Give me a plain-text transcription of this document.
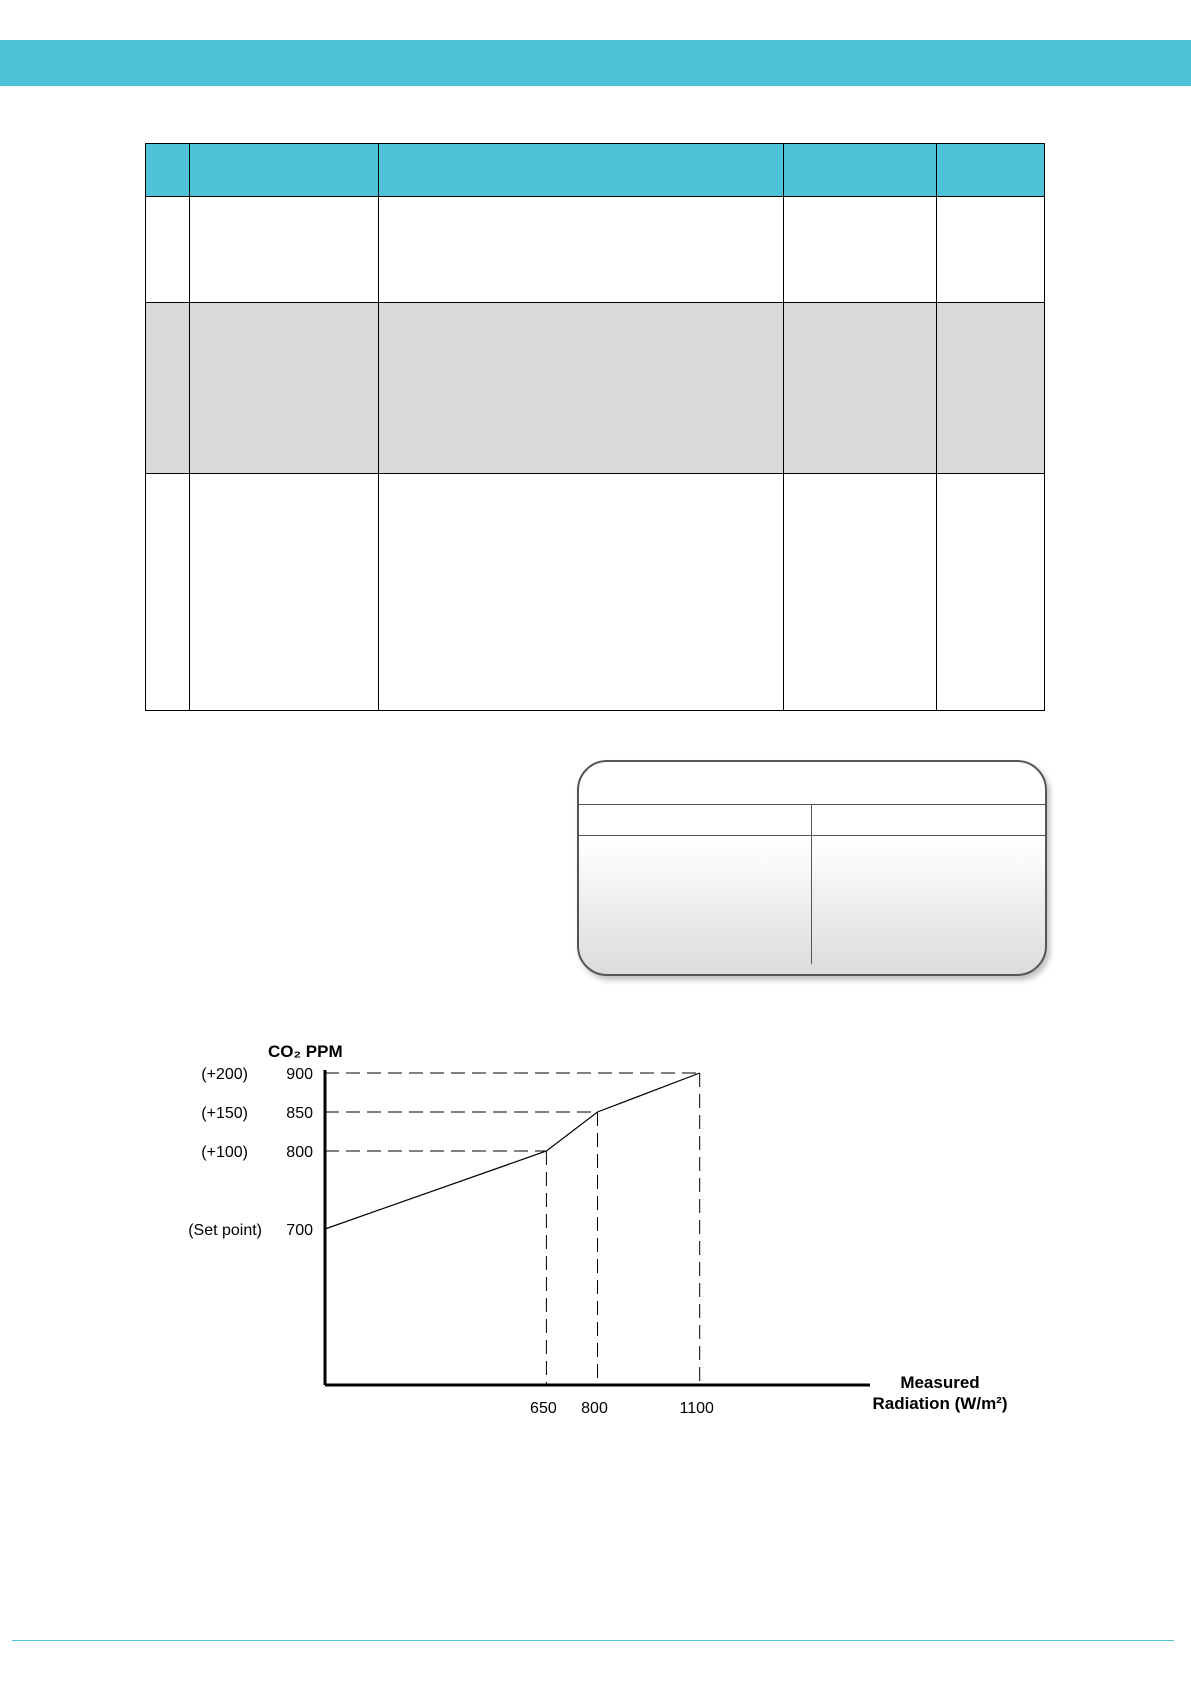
CO₂ PPM
Measured
Radiation (W/m²)
700
800
850
900
650 800	1100
(Set point)
(+100)
(+150)
(+200)
